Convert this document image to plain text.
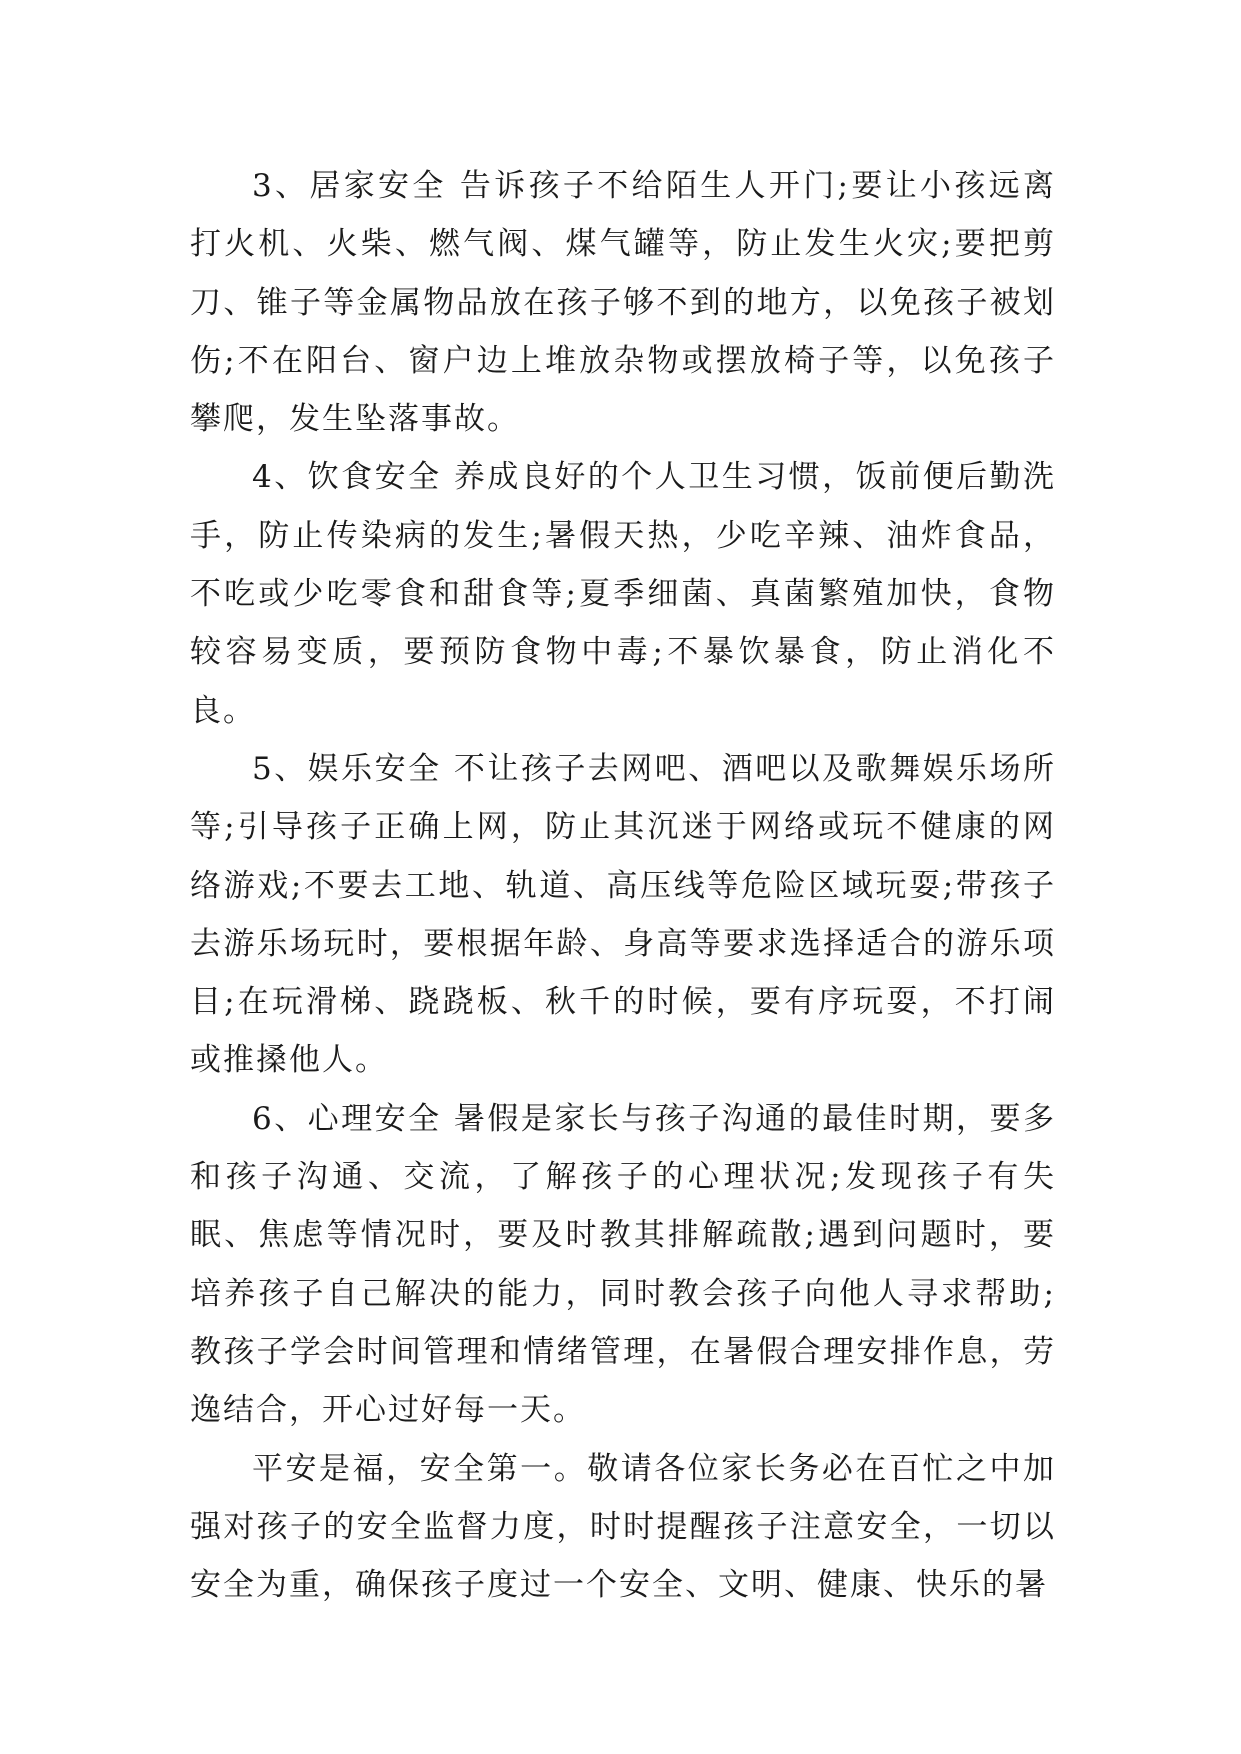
3、居家安全 告诉孩子不给陌生人开门;要让小孩远离打火机、火柴、燃气阀、煤气罐等，防止发生火灾;要把剪刀、锥子等金属物品放在孩子够不到的地方，以免孩子被划伤;不在阳台、窗户边上堆放杂物或摆放椅子等，以免孩子攀爬，发生坠落事故。

4、饮食安全 养成良好的个人卫生习惯，饭前便后勤洗手，防止传染病的发生;暑假天热，少吃辛辣、油炸食品，不吃或少吃零食和甜食等;夏季细菌、真菌繁殖加快，食物较容易变质，要预防食物中毒;不暴饮暴食，防止消化不良。

5、娱乐安全 不让孩子去网吧、酒吧以及歌舞娱乐场所等;引导孩子正确上网，防止其沉迷于网络或玩不健康的网络游戏;不要去工地、轨道、高压线等危险区域玩耍;带孩子去游乐场玩时，要根据年龄、身高等要求选择适合的游乐项目;在玩滑梯、跷跷板、秋千的时候，要有序玩耍，不打闹或推搡他人。

6、心理安全 暑假是家长与孩子沟通的最佳时期，要多和孩子沟通、交流，了解孩子的心理状况;发现孩子有失眠、焦虑等情况时，要及时教其排解疏散;遇到问题时，要培养孩子自己解决的能力，同时教会孩子向他人寻求帮助;教孩子学会时间管理和情绪管理，在暑假合理安排作息，劳逸结合，开心过好每一天。

平安是福，安全第一。敬请各位家长务必在百忙之中加强对孩子的安全监督力度，时时提醒孩子注意安全，一切以安全为重，确保孩子度过一个安全、文明、健康、快乐的暑
